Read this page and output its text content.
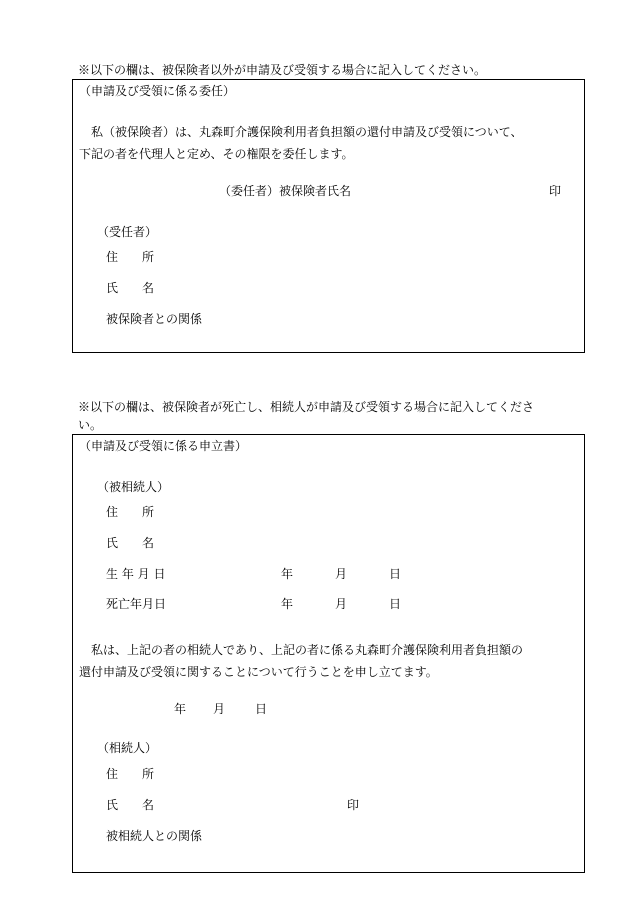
※以下の欄は、被保険者以外が申請及び受領する場合に記入してください。
（申請及び受領に係る委任）
　私（被保険者）は、丸森町介護保険利用者負担額の還付申請及び受領について、
下記の者を代理人と定め、その権限を委任します。
（委任者）被保険者氏名	印
（受任者）
住　　所
氏　　名
被保険者との関係
※以下の欄は、被保険者が死亡し、相続人が申請及び受領する場合に記入してくださ
い。
（申請及び受領に係る申立書）
（被相続人）
住　　所
氏　　名
生 年 月 日	年	月	日
死亡年月日	年	月	日
　私は、上記の者の相続人であり、上記の者に係る丸森町介護保険利用者負担額の
還付申請及び受領に関することについて行うことを申し立てます。
年 月 日
（相続人）
住　　所
氏　　名	印
被相続人との関係
